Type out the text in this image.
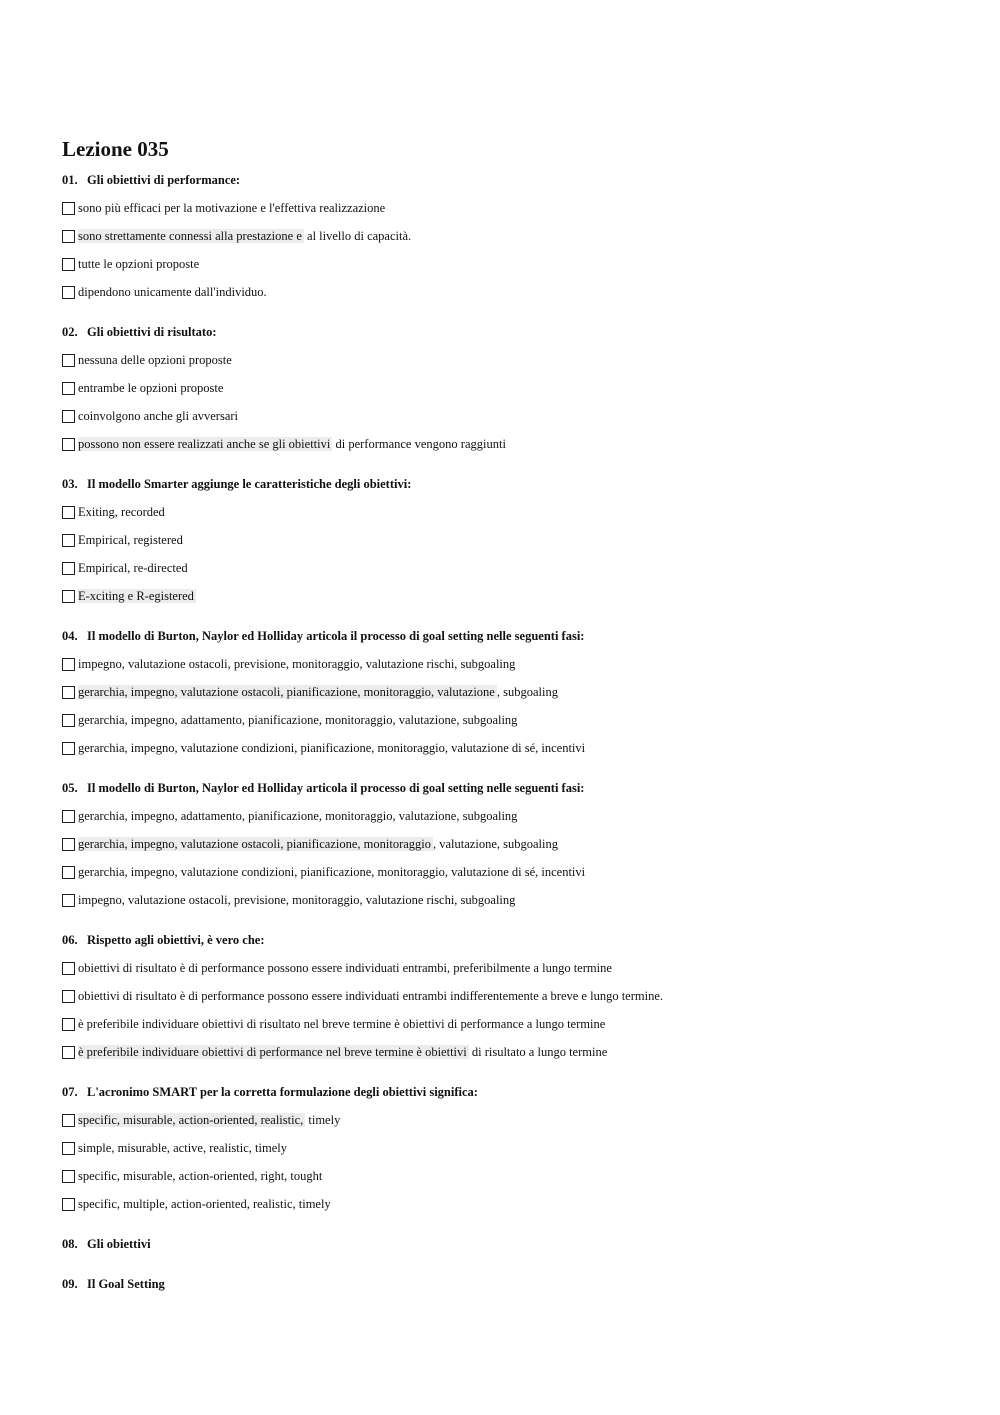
Lezione 035
01. Gli obiettivi di performance:
sono più efficaci per la motivazione e l'effettiva realizzazione
sono strettamente connessi alla prestazione e al livello di capacità.
tutte le opzioni proposte
dipendono unicamente dall'individuo.
02. Gli obiettivi di risultato:
nessuna delle opzioni proposte
entrambe le opzioni proposte
coinvolgono anche gli avversari
possono non essere realizzati anche se gli obiettivi di performance vengono raggiunti
03. Il modello Smarter aggiunge le caratteristiche degli obiettivi:
Exiting, recorded
Empirical, registered
Empirical, re-directed
E-xciting e R-egistered
04. Il modello di Burton, Naylor ed Holliday articola il processo di goal setting nelle seguenti fasi:
impegno, valutazione ostacoli, previsione, monitoraggio, valutazione rischi, subgoaling
gerarchia, impegno, valutazione ostacoli, pianificazione, monitoraggio, valutazione , subgoaling
gerarchia, impegno, adattamento, pianificazione, monitoraggio, valutazione, subgoaling
gerarchia, impegno, valutazione condizioni, pianificazione, monitoraggio, valutazione di sé, incentivi
05. Il modello di Burton, Naylor ed Holliday articola il processo di goal setting nelle seguenti fasi:
gerarchia, impegno, adattamento, pianificazione, monitoraggio, valutazione, subgoaling
gerarchia, impegno, valutazione ostacoli, pianificazione, monitoraggio , valutazione, subgoaling
gerarchia, impegno, valutazione condizioni, pianificazione, monitoraggio, valutazione di sé, incentivi
impegno, valutazione ostacoli, previsione, monitoraggio, valutazione rischi, subgoaling
06. Rispetto agli obiettivi, è vero che:
obiettivi di risultato è di performance possono essere individuati entrambi, preferibilmente a lungo termine
obiettivi di risultato è di performance possono essere individuati entrambi indifferentemente a breve e lungo termine.
è preferibile individuare obiettivi di risultato nel breve termine è obiettivi di performance a lungo termine
è preferibile individuare obiettivi di performance nel breve termine è obiettivi di risultato a lungo termine
07. L'acronimo SMART per la corretta formulazione degli obiettivi significa:
specific, misurable, action-oriented, realistic, timely
simple, misurable, active, realistic, timely
specific, misurable, action-oriented, right, tought
specific, multiple, action-oriented, realistic, timely
08. Gli obiettivi
09. Il Goal Setting
